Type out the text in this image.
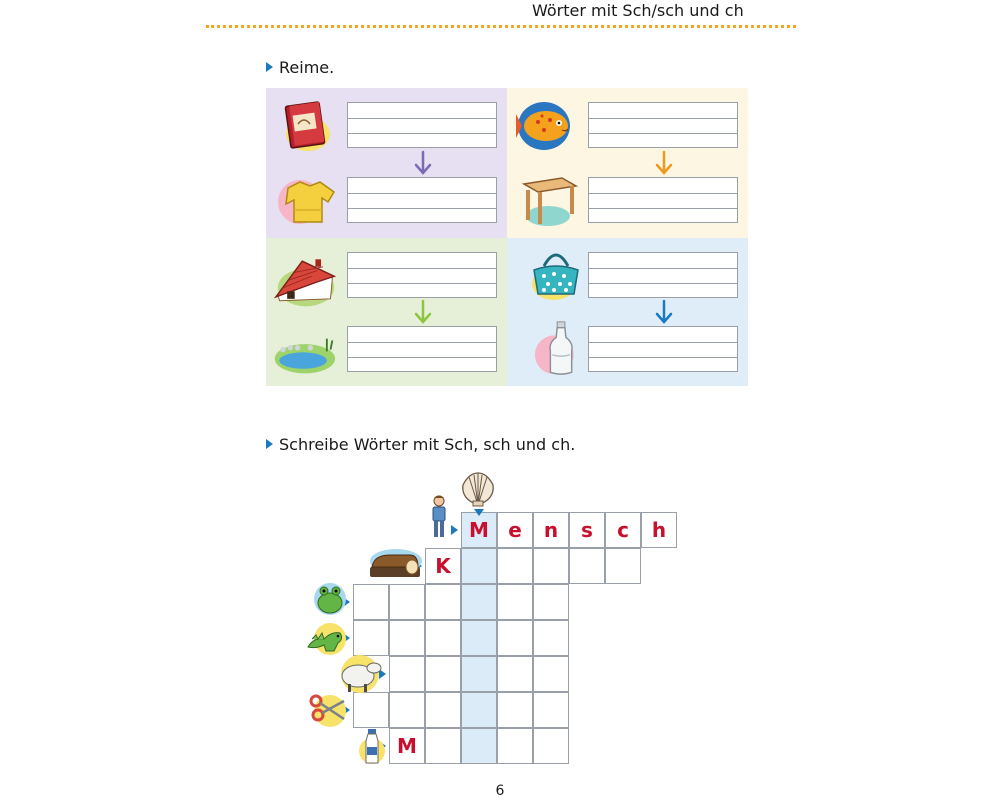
Wörter mit Sch/sch und ch
Reime.
Schreibe Wörter mit Sch, sch und ch.
M e	n	s	c	h
K
M
6
